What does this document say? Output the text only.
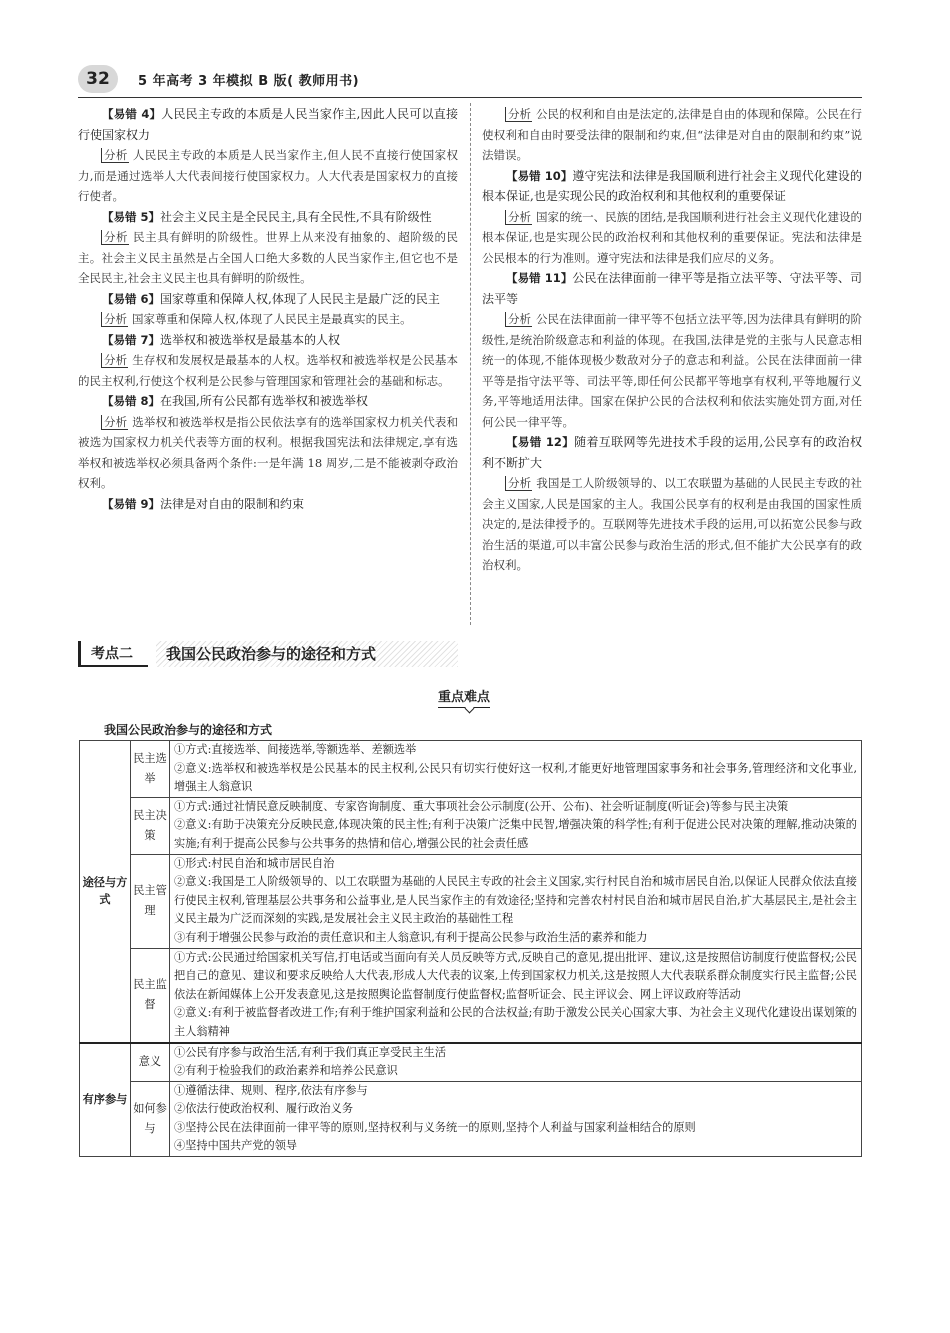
32	5 年高考 3 年模拟 B 版( 教师用书)

【易错 4】人民民主专政的本质是人民当家作主,因此人民可以直接行使国家权力

分析 人民民主专政的本质是人民当家作主,但人民不直接行使国家权力,而是通过选举人大代表间接行使国家权力。人大代表是国家权力的直接行使者。

【易错 5】社会主义民主是全民民主,具有全民性,不具有阶级性

分析 民主具有鲜明的阶级性。世界上从来没有抽象的、超阶级的民主。社会主义民主虽然是占全国人口绝大多数的人民当家作主,但它也不是全民民主,社会主义民主也具有鲜明的阶级性。

【易错 6】国家尊重和保障人权,体现了人民民主是最广泛的民主

分析 国家尊重和保障人权,体现了人民民主是最真实的民主。

【易错 7】选举权和被选举权是最基本的人权

分析 生存权和发展权是最基本的人权。选举权和被选举权是公民基本的民主权利,行使这个权利是公民参与管理国家和管理社会的基础和标志。

【易错 8】在我国,所有公民都有选举权和被选举权

分析 选举权和被选举权是指公民依法享有的选举国家权力机关代表和被选为国家权力机关代表等方面的权利。根据我国宪法和法律规定,享有选举权和被选举权必须具备两个条件:一是年满 18 周岁,二是不能被剥夺政治权利。

【易错 9】法律是对自由的限制和约束

分析 公民的权利和自由是法定的,法律是自由的体现和保障。公民在行使权利和自由时要受法律的限制和约束,但“法律是对自由的限制和约束”说法错误。

【易错 10】遵守宪法和法律是我国顺利进行社会主义现代化建设的根本保证,也是实现公民的政治权利和其他权利的重要保证

分析 国家的统一、民族的团结,是我国顺利进行社会主义现代化建设的根本保证,也是实现公民的政治权利和其他权利的重要保证。宪法和法律是公民根本的行为准则。遵守宪法和法律是我们应尽的义务。

【易错 11】公民在法律面前一律平等是指立法平等、守法平等、司法平等

分析 公民在法律面前一律平等不包括立法平等,因为法律具有鲜明的阶级性,是统治阶级意志和利益的体现。在我国,法律是党的主张与人民意志相统一的体现,不能体现极少数敌对分子的意志和利益。公民在法律面前一律平等是指守法平等、司法平等,即任何公民都平等地享有权利,平等地履行义务,平等地适用法律。国家在保护公民的合法权利和依法实施处罚方面,对任何公民一律平等。

【易错 12】随着互联网等先进技术手段的运用,公民享有的政治权利不断扩大

分析 我国是工人阶级领导的、以工农联盟为基础的人民民主专政的社会主义国家,人民是国家的主人。我国公民享有的权利是由我国的国家性质决定的,是法律授予的。互联网等先进技术手段的运用,可以拓宽公民参与政治生活的渠道,可以丰富公民参与政治生活的形式,但不能扩大公民享有的政治权利。

考点二	我国公民政治参与的途径和方式
重点难点
我国公民政治参与的途径和方式
途径与方式	民主选举	①方式:直接选举、间接选举,等额选举、差额选举
②意义:选举权和被选举权是公民基本的民主权利,公民只有切实行使好这一权利,才能更好地管理国家事务和社会事务,管理经济和文化事业,增强主人翁意识

	民主决策	①方式:通过社情民意反映制度、专家咨询制度、重大事项社会公示制度(公开、公布)、社会听证制度(听证会)等参与民主决策
②意义:有助于决策充分反映民意,体现决策的民主性;有利于决策广泛集中民智,增强决策的科学性;有利于促进公民对决策的理解,推动决策的实施;有利于提高公民参与公共事务的热情和信心,增强公民的社会责任感

	民主管理	①形式:村民自治和城市居民自治
②意义:我国是工人阶级领导的、以工农联盟为基础的人民民主专政的社会主义国家,实行村民自治和城市居民自治,以保证人民群众依法直接行使民主权利,管理基层公共事务和公益事业,是人民当家作主的有效途径;坚持和完善农村村民自治和城市居民自治,扩大基层民主,是社会主义民主最为广泛而深刻的实践,是发展社会主义民主政治的基础性工程
③有利于增强公民参与政治的责任意识和主人翁意识,有利于提高公民参与政治生活的素养和能力

	民主监督	①方式:公民通过给国家机关写信,打电话或当面向有关人员反映等方式,反映自己的意见,提出批评、建议,这是按照信访制度行使监督权;公民把自己的意见、建议和要求反映给人大代表,形成人大代表的议案,上传到国家权力机关,这是按照人大代表联系群众制度实行民主监督;公民依法在新闻媒体上公开发表意见,这是按照舆论监督制度行使监督权;监督听证会、民主评议会、网上评议政府等活动
②意义:有利于被监督者改进工作;有利于维护国家利益和公民的合法权益;有助于激发公民关心国家大事、为社会主义现代化建设出谋划策的主人翁精神

有序参与	意义	①公民有序参与政治生活,有利于我们真正享受民主生活
②有利于检验我们的政治素养和培养公民意识

	如何参与	①遵循法律、规则、程序,依法有序参与
②依法行使政治权利、履行政治义务
③坚持公民在法律面前一律平等的原则,坚持权利与义务统一的原则,坚持个人利益与国家利益相结合的原则
④坚持中国共产党的领导
